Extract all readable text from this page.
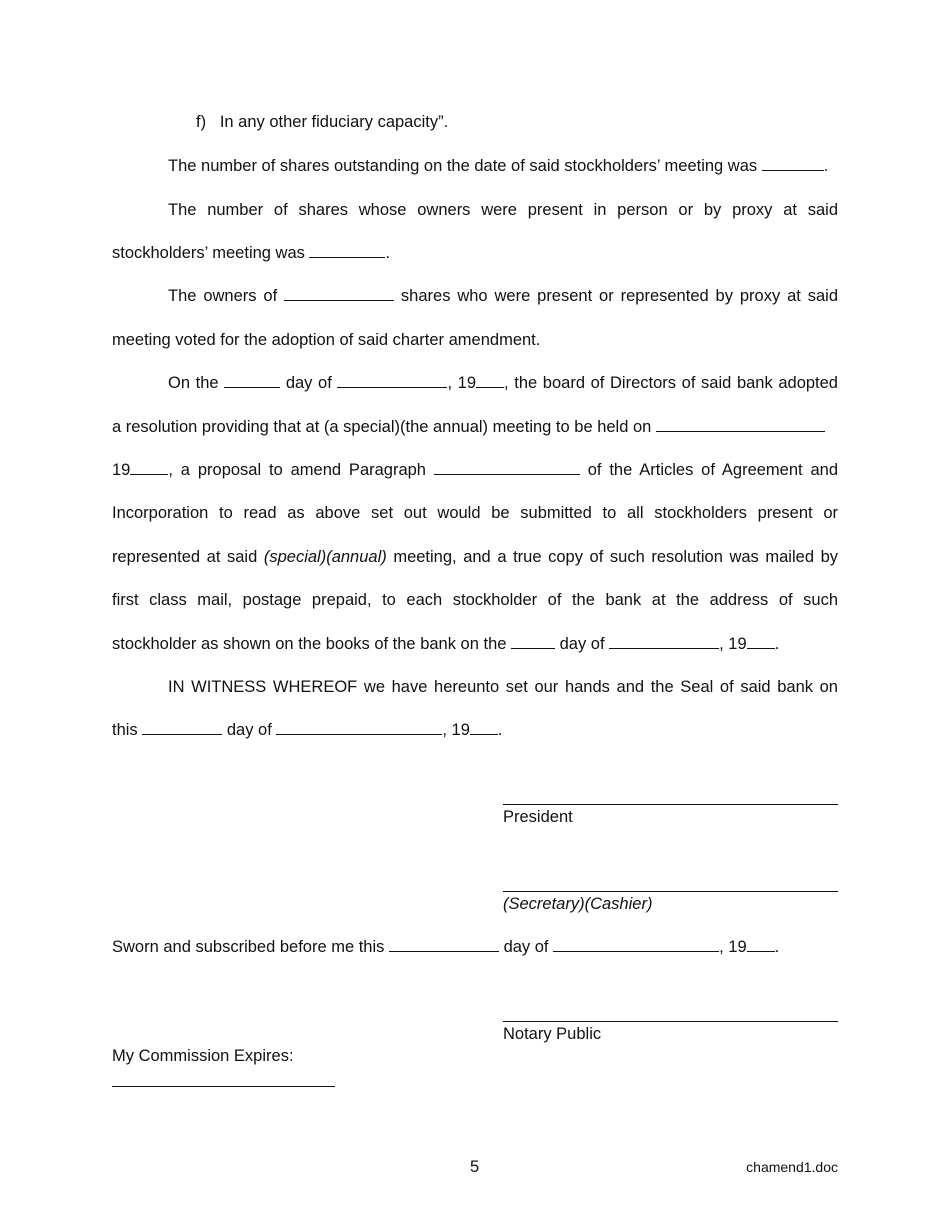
f)   In any other fiduciary capacity”.
The number of shares outstanding on the date of said stockholders’ meeting was	.
The number of shares whose owners were present in person or by proxy at said
stockholders’ meeting was	.
The owners of	shares who were present or represented by proxy at said
meeting voted for the adoption of said charter amendment.
On the	day of	, 19 , the board of Directors of said bank adopted
a resolution providing that at (a special)(the annual) meeting to be held on
19 , a proposal to amend Paragraph	of the Articles of Agreement and
Incorporation to read as above set out would be submitted to all stockholders present or
represented at said (special)(annual) meeting, and a true copy of such resolution was mailed by
first class mail, postage prepaid, to each stockholder of the bank at the address of such
stockholder as shown on the books of the bank on the	day of	, 19 .
IN WITNESS WHEREOF we have hereunto set our hands and the Seal of said bank on
this	day of	, 19 .
President
(Secretary)(Cashier)
Sworn and subscribed before me this	day of	, 19 .
Notary Public
My Commission Expires:
5	chamend1.doc
